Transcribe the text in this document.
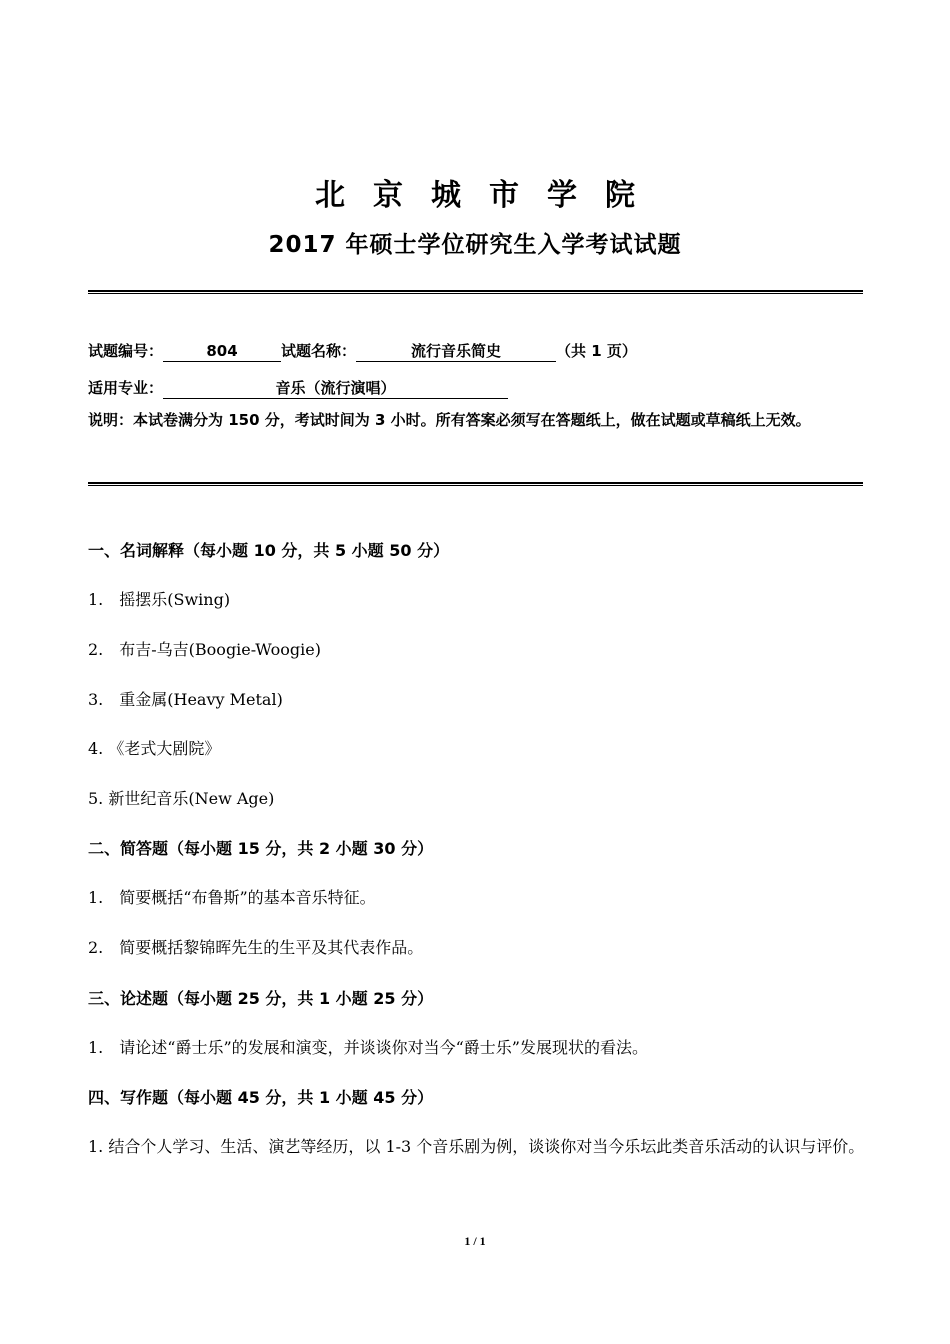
北京城市学院
2017 年硕士学位研究生入学考试试题
试题编号：	804	试题名称：	流行音乐简史	（共 1 页）
适用专业：	音乐（流行演唱）
说明：本试卷满分为 150 分，考试时间为 3 小时。所有答案必须写在答题纸上，做在试题或草稿纸上无效。
一、名词解释（每小题 10 分，共 5 小题 50 分）
1.　摇摆乐(Swing)
2.　布吉-乌吉(Boogie-Woogie)
3.　重金属(Heavy Metal)
4. 《老式大剧院》
5. 新世纪音乐(New Age)
二、简答题（每小题 15 分，共 2 小题 30 分）
1.　简要概括“布鲁斯”的基本音乐特征。
2.　简要概括黎锦晖先生的生平及其代表作品。
三、论述题（每小题 25 分，共 1 小题 25 分）
1.　请论述“爵士乐”的发展和演变，并谈谈你对当今“爵士乐”发展现状的看法。
四、写作题（每小题 45 分，共 1 小题 45 分）
1. 结合个人学习、生活、演艺等经历，以 1-3 个音乐剧为例，谈谈你对当今乐坛此类音乐活动的认识与评价。
1 / 1
